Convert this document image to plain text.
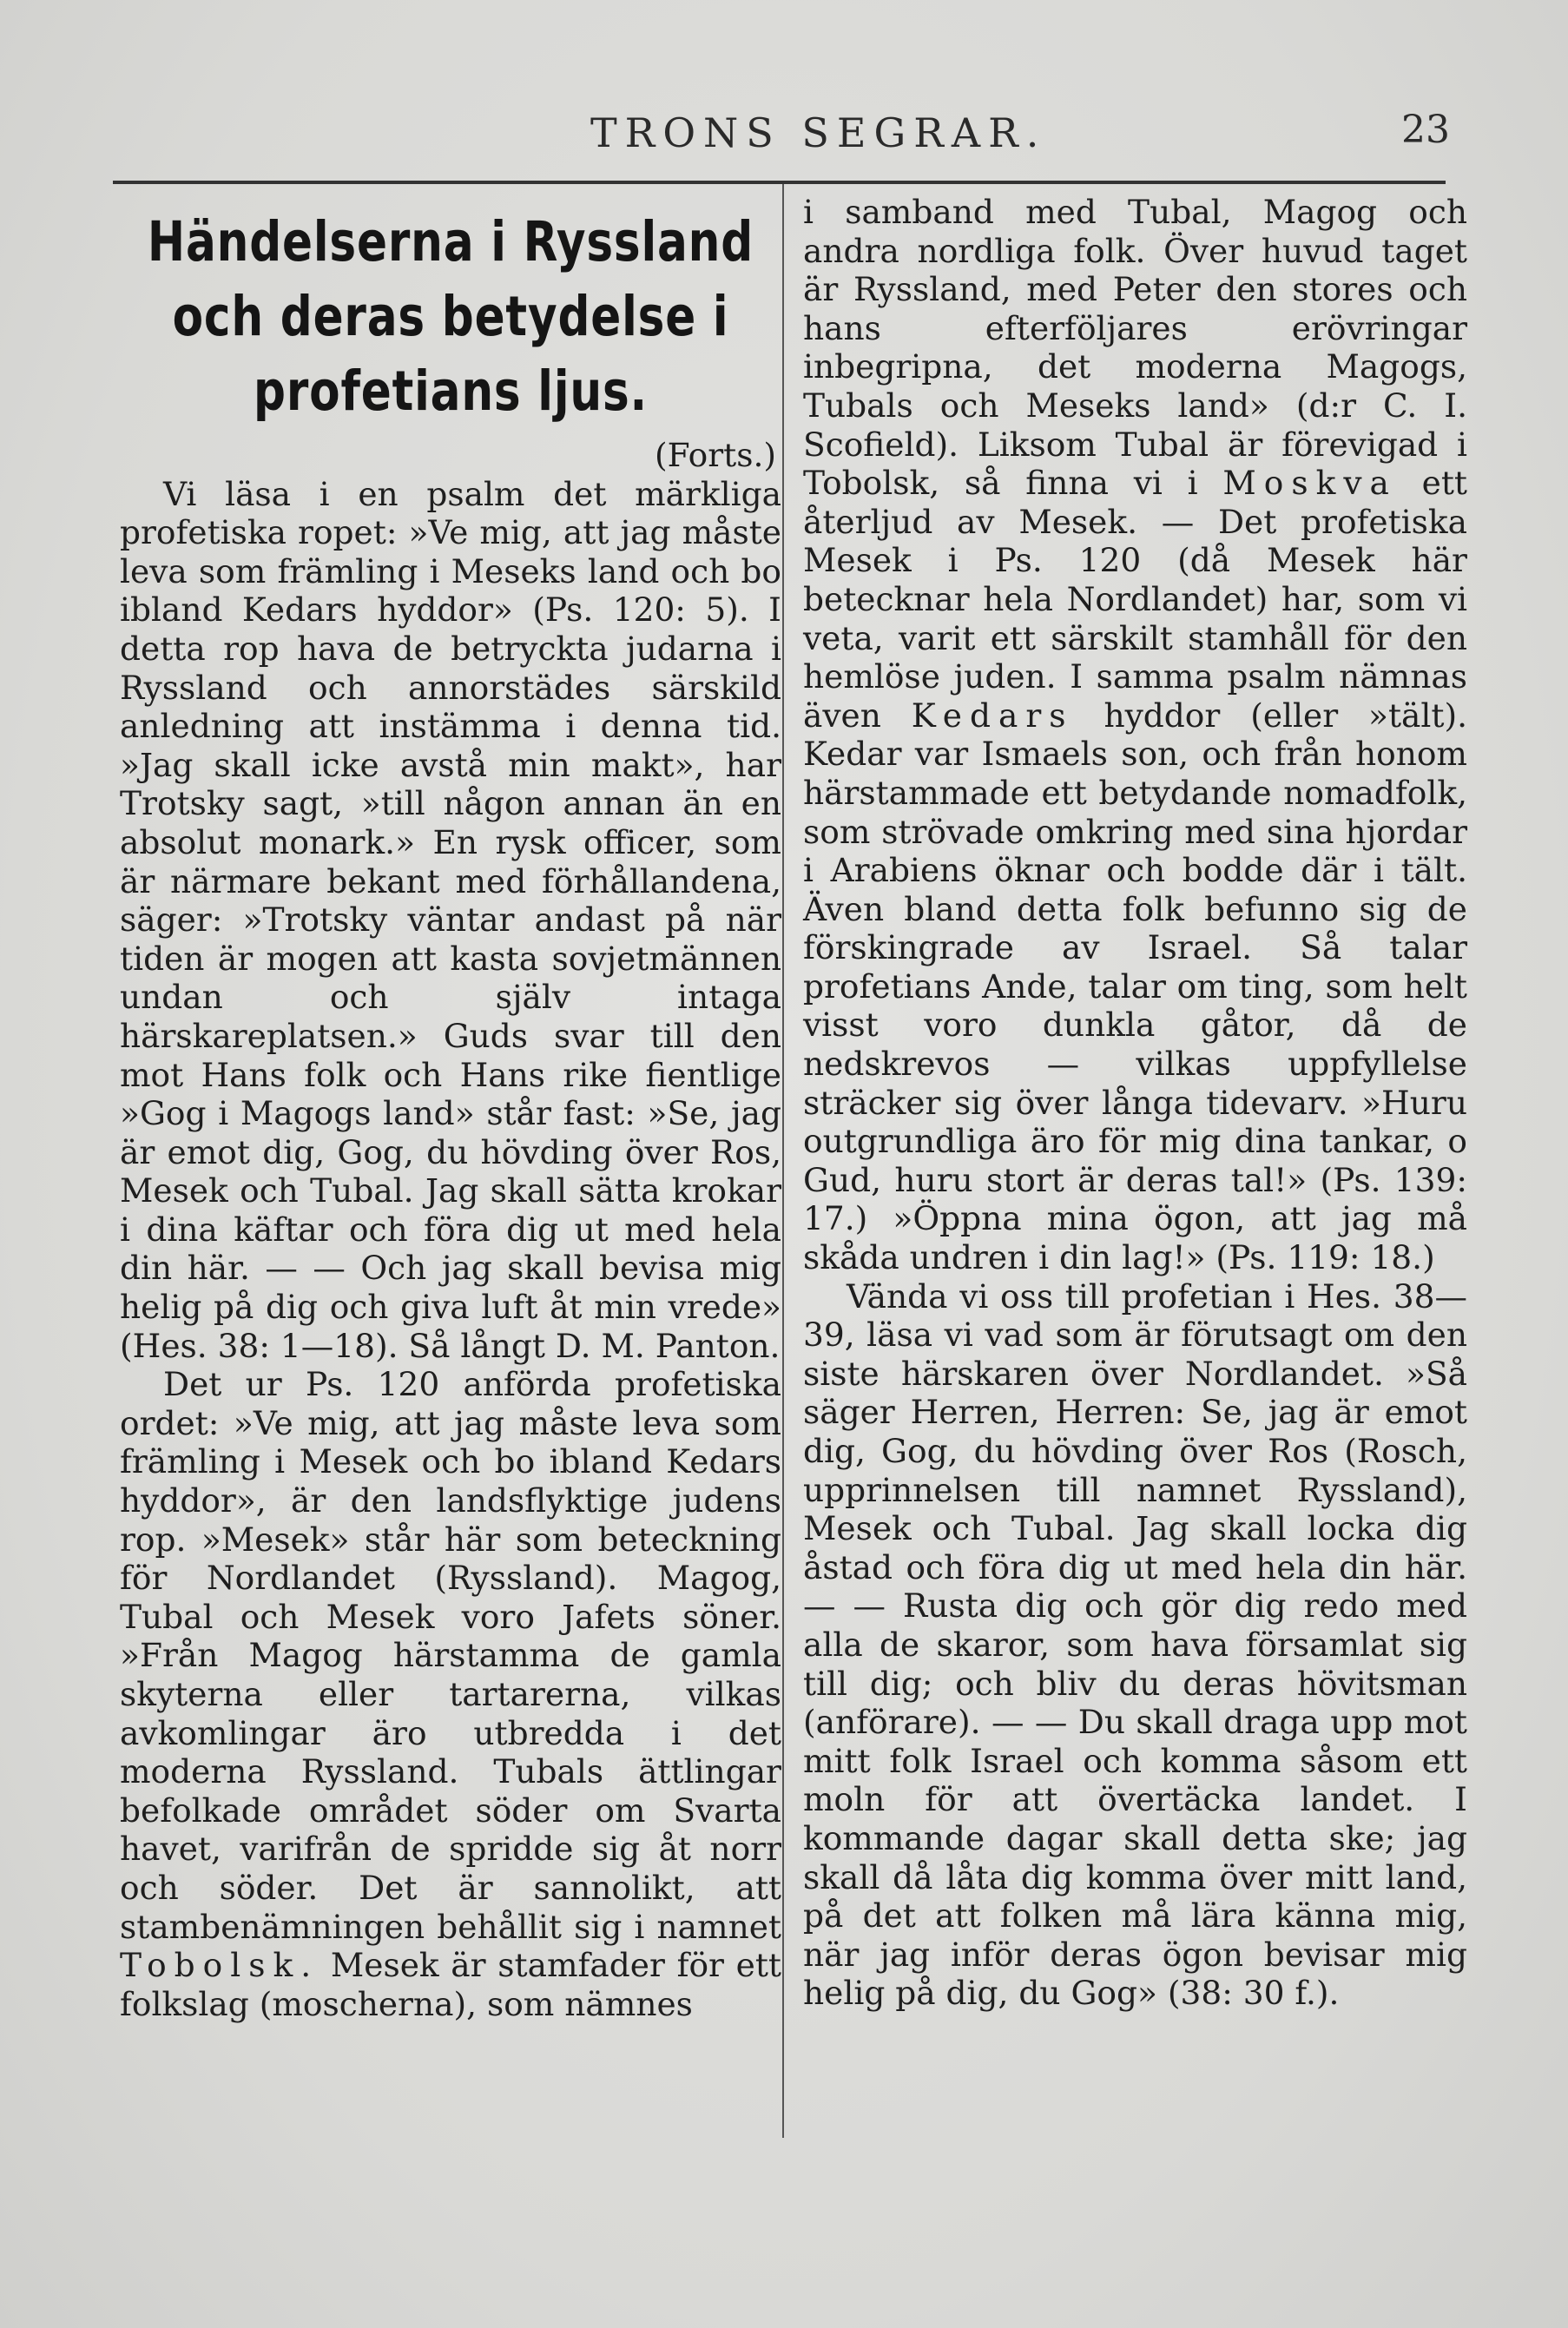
TRONS SEGRAR.	23
Händelserna i Ryssland och deras betydelse i profetians ljus.
(Forts.)

Vi läsa i en psalm det märkliga profetiska ropet: »Ve mig, att jag måste leva som främling i Meseks land och bo ibland Kedars hyddor» (Ps. 120: 5). I detta rop hava de betryckta judarna i Ryssland och annorstädes särskild anledning att instämma i denna tid. »Jag skall icke avstå min makt», har Trotsky sagt, »till någon annan än en absolut monark.» En rysk officer, som är närmare bekant med förhållandena, säger: »Trotsky väntar andast på när tiden är mogen att kasta sovjetmännen undan och själv intaga härskareplatsen.» Guds svar till den mot Hans folk och Hans rike fientlige »Gog i Magogs land» står fast: »Se, jag är emot dig, Gog, du hövding över Ros, Mesek och Tubal. Jag skall sätta krokar i dina käftar och föra dig ut med hela din här. — — Och jag skall bevisa mig helig på dig och giva luft åt min vrede» (Hes. 38: 1—18). Så långt D. M. Panton.

Det ur Ps. 120 anförda profetiska ordet: »Ve mig, att jag måste leva som främling i Mesek och bo ibland Kedars hyddor», är den landsflyktige judens rop. »Mesek» står här som beteckning för Nordlandet (Ryssland). Magog, Tubal och Mesek voro Jafets söner. »Från Magog härstamma de gamla skyterna eller tartarerna, vilkas avkomlingar äro utbredda i det moderna Ryssland. Tubals ättlingar befolkade området söder om Svarta havet, varifrån de spridde sig åt norr och söder. Det är sannolikt, att stambenämningen behållit sig i namnet Tobolsk. Mesek är stamfader för ett folkslag (moscherna), som nämnes

i samband med Tubal, Magog och andra nordliga folk. Över huvud taget är Ryssland, med Peter den stores och hans efterföljares erövringar inbegripna, det moderna Magogs, Tubals och Meseks land» (d:r C. I. Scofield). Liksom Tubal är förevigad i Tobolsk, så finna vi i Moskva ett återljud av Mesek. — Det profetiska Mesek i Ps. 120 (då Mesek här betecknar hela Nordlandet) har, som vi veta, varit ett särskilt stamhåll för den hemlöse juden. I samma psalm nämnas även Kedars hyddor (eller »tält). Kedar var Ismaels son, och från honom härstammade ett betydande nomadfolk, som strövade omkring med sina hjordar i Arabiens öknar och bodde där i tält. Även bland detta folk befunno sig de förskingrade av Israel. Så talar profetians Ande, talar om ting, som helt visst voro dunkla gåtor, då de nedskrevos — vilkas uppfyllelse sträcker sig över långa tidevarv. »Huru outgrundliga äro för mig dina tankar, o Gud, huru stort är deras tal!» (Ps. 139: 17.) »Öppna mina ögon, att jag må skåda undren i din lag!» (Ps. 119: 18.)

Vända vi oss till profetian i Hes. 38—39, läsa vi vad som är förutsagt om den siste härskaren över Nordlandet. »Så säger Herren, Herren: Se, jag är emot dig, Gog, du hövding över Ros (Rosch, upprinnelsen till namnet Ryssland), Mesek och Tubal. Jag skall locka dig åstad och föra dig ut med hela din här. — — Rusta dig och gör dig redo med alla de skaror, som hava församlat sig till dig; och bliv du deras hövitsman (anförare). — — Du skall draga upp mot mitt folk Israel och komma såsom ett moln för att övertäcka landet. I kommande dagar skall detta ske; jag skall då låta dig komma över mitt land, på det att folken må lära känna mig, när jag inför deras ögon bevisar mig helig på dig, du Gog» (38: 30 f.).
